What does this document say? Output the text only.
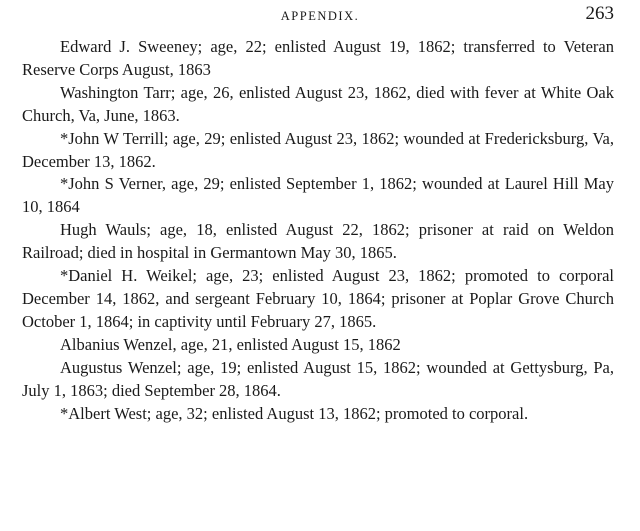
APPENDIX.	263

Edward J. Sweeney; age, 22; enlisted August 19, 1862; transferred to Veteran Reserve Corps August, 1863

Washington Tarr; age, 26, enlisted August 23, 1862, died with fever at White Oak Church, Va, June, 1863.

*John W Terrill; age, 29; enlisted August 23, 1862; wounded at Fredericksburg, Va, December 13, 1862.

*John S Verner, age, 29; enlisted September 1, 1862; wounded at Laurel Hill May 10, 1864

Hugh Wauls; age, 18, enlisted August 22, 1862; prisoner at raid on Weldon Railroad; died in hospital in Germantown May 30, 1865.

*Daniel H. Weikel; age, 23; enlisted August 23, 1862; promoted to corporal December 14, 1862, and sergeant February 10, 1864; prisoner at Poplar Grove Church October 1, 1864; in captivity until February 27, 1865.

Albanius Wenzel, age, 21, enlisted August 15, 1862

Augustus Wenzel; age, 19; enlisted August 15, 1862; wounded at Gettysburg, Pa, July 1, 1863; died September 28, 1864.

*Albert West; age, 32; enlisted August 13, 1862; promoted to corporal.
